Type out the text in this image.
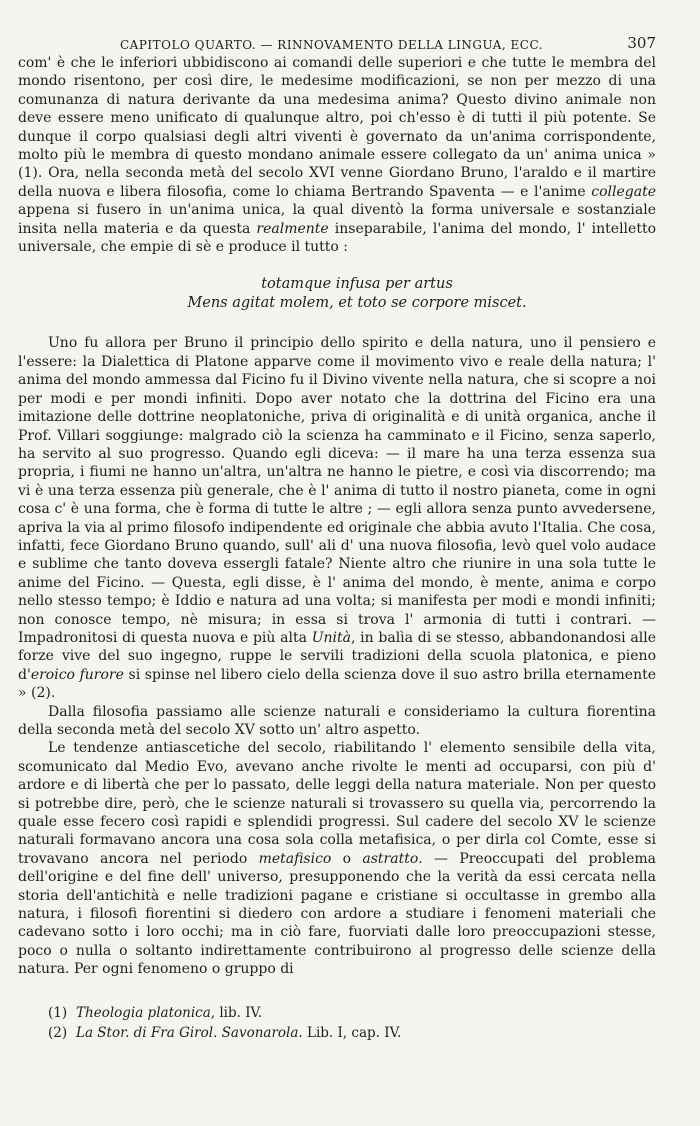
CAPITOLO QUARTO. — RINNOVAMENTO DELLA LINGUA, ECC.	307

com' è che le inferiori ubbidiscono ai comandi delle superiori e che tutte le membra del mondo risentono, per così dire, le medesime modificazioni, se non per mezzo di una comunanza di natura derivante da una medesima anima? Questo divino animale non deve essere meno unificato di qualunque altro, poi ch'esso è di tutti il più potente. Se dunque il corpo qualsiasi degli altri viventi è governato da un'anima corrispondente, molto più le membra di questo mondano animale essere collegato da un' anima unica » (1). Ora, nella seconda metà del secolo XVI venne Giordano Bruno, l'araldo e il martire della nuova e libera filosofia, come lo chiama Bertrando Spaventa — e l'anime collegate appena si fusero in un'anima unica, la qual diventò la forma universale e sostanziale insita nella materia e da questa realmente inseparabile, l'anima del mondo, l' intelletto universale, che empie di sè e produce il tutto :

totamque infusa per artus
Mens agitat molem, et toto se corpore miscet.

Uno fu allora per Bruno il principio dello spirito e della natura, uno il pensiero e l'essere: la Dialettica di Platone apparve come il movimento vivo e reale della natura; l' anima del mondo ammessa dal Ficino fu il Divino vivente nella natura, che si scopre a noi per modi e per mondi infiniti. Dopo aver notato che la dottrina del Ficino era una imitazione delle dottrine neoplatoniche, priva di originalità e di unità organica, anche il Prof. Villari soggiunge: malgrado ciò la scienza ha camminato e il Ficino, senza saperlo, ha servito al suo progresso. Quando egli diceva: — il mare ha una terza essenza sua propria, i fiumi ne hanno un'altra, un'altra ne hanno le pietre, e così via discorrendo; ma vi è una terza essenza più generale, che è l' anima di tutto il nostro pianeta, come in ogni cosa c' è una forma, che è forma di tutte le altre ; — egli allora senza punto avvedersene, apriva la via al primo filosofo indipendente ed originale che abbia avuto l'Italia. Che cosa, infatti, fece Giordano Bruno quando, sull' ali d' una nuova filosofia, levò quel volo audace e sublime che tanto doveva essergli fatale? Niente altro che riunire in una sola tutte le anime del Ficino. — Questa, egli disse, è l' anima del mondo, è mente, anima e corpo nello stesso tempo; è Iddio e natura ad una volta; si manifesta per modi e mondi infiniti; non conosce tempo, nè misura; in essa si trova l' armonia di tutti i contrari. — Impadronitosi di questa nuova e più alta Unità, in balìa di se stesso, abbandonandosi alle forze vive del suo ingegno, ruppe le servili tradizioni della scuola platonica, e pieno d'eroico furore si spinse nel libero cielo della scienza dove il suo astro brilla eternamente » (2).

Dalla filosofia passiamo alle scienze naturali e consideriamo la cultura fiorentina della seconda metà del secolo XV sotto un' altro aspetto.

Le tendenze antiascetiche del secolo, riabilitando l' elemento sensibile della vita, scomunicato dal Medio Evo, avevano anche rivolte le menti ad occuparsi, con più d' ardore e di libertà che per lo passato, delle leggi della natura materiale. Non per questo si potrebbe dire, però, che le scienze naturali si trovassero su quella via, percorrendo la quale esse fecero così rapidi e splendidi progressi. Sul cadere del secolo XV le scienze naturali formavano ancora una cosa sola colla metafisica, o per dirla col Comte, esse si trovavano ancora nel periodo metafisico o astratto. — Preoccupati del problema dell'origine e del fine dell' universo, presupponendo che la verità da essi cercata nella storia dell'antichità e nelle tradizioni pagane e cristiane si occultasse in grembo alla natura, i filosofi fiorentini si diedero con ardore a studiare i fenomeni materiali che cadevano sotto i loro occhi; ma in ciò fare, fuorviati dalle loro preoccupazioni stesse, poco o nulla o soltanto indirettamente contribuirono al progresso delle scienze della natura. Per ogni fenomeno o gruppo di

(1) Theologia platonica, lib. IV.
(2) La Stor. di Fra Girol. Savonarola. Lib. I, cap. IV.
